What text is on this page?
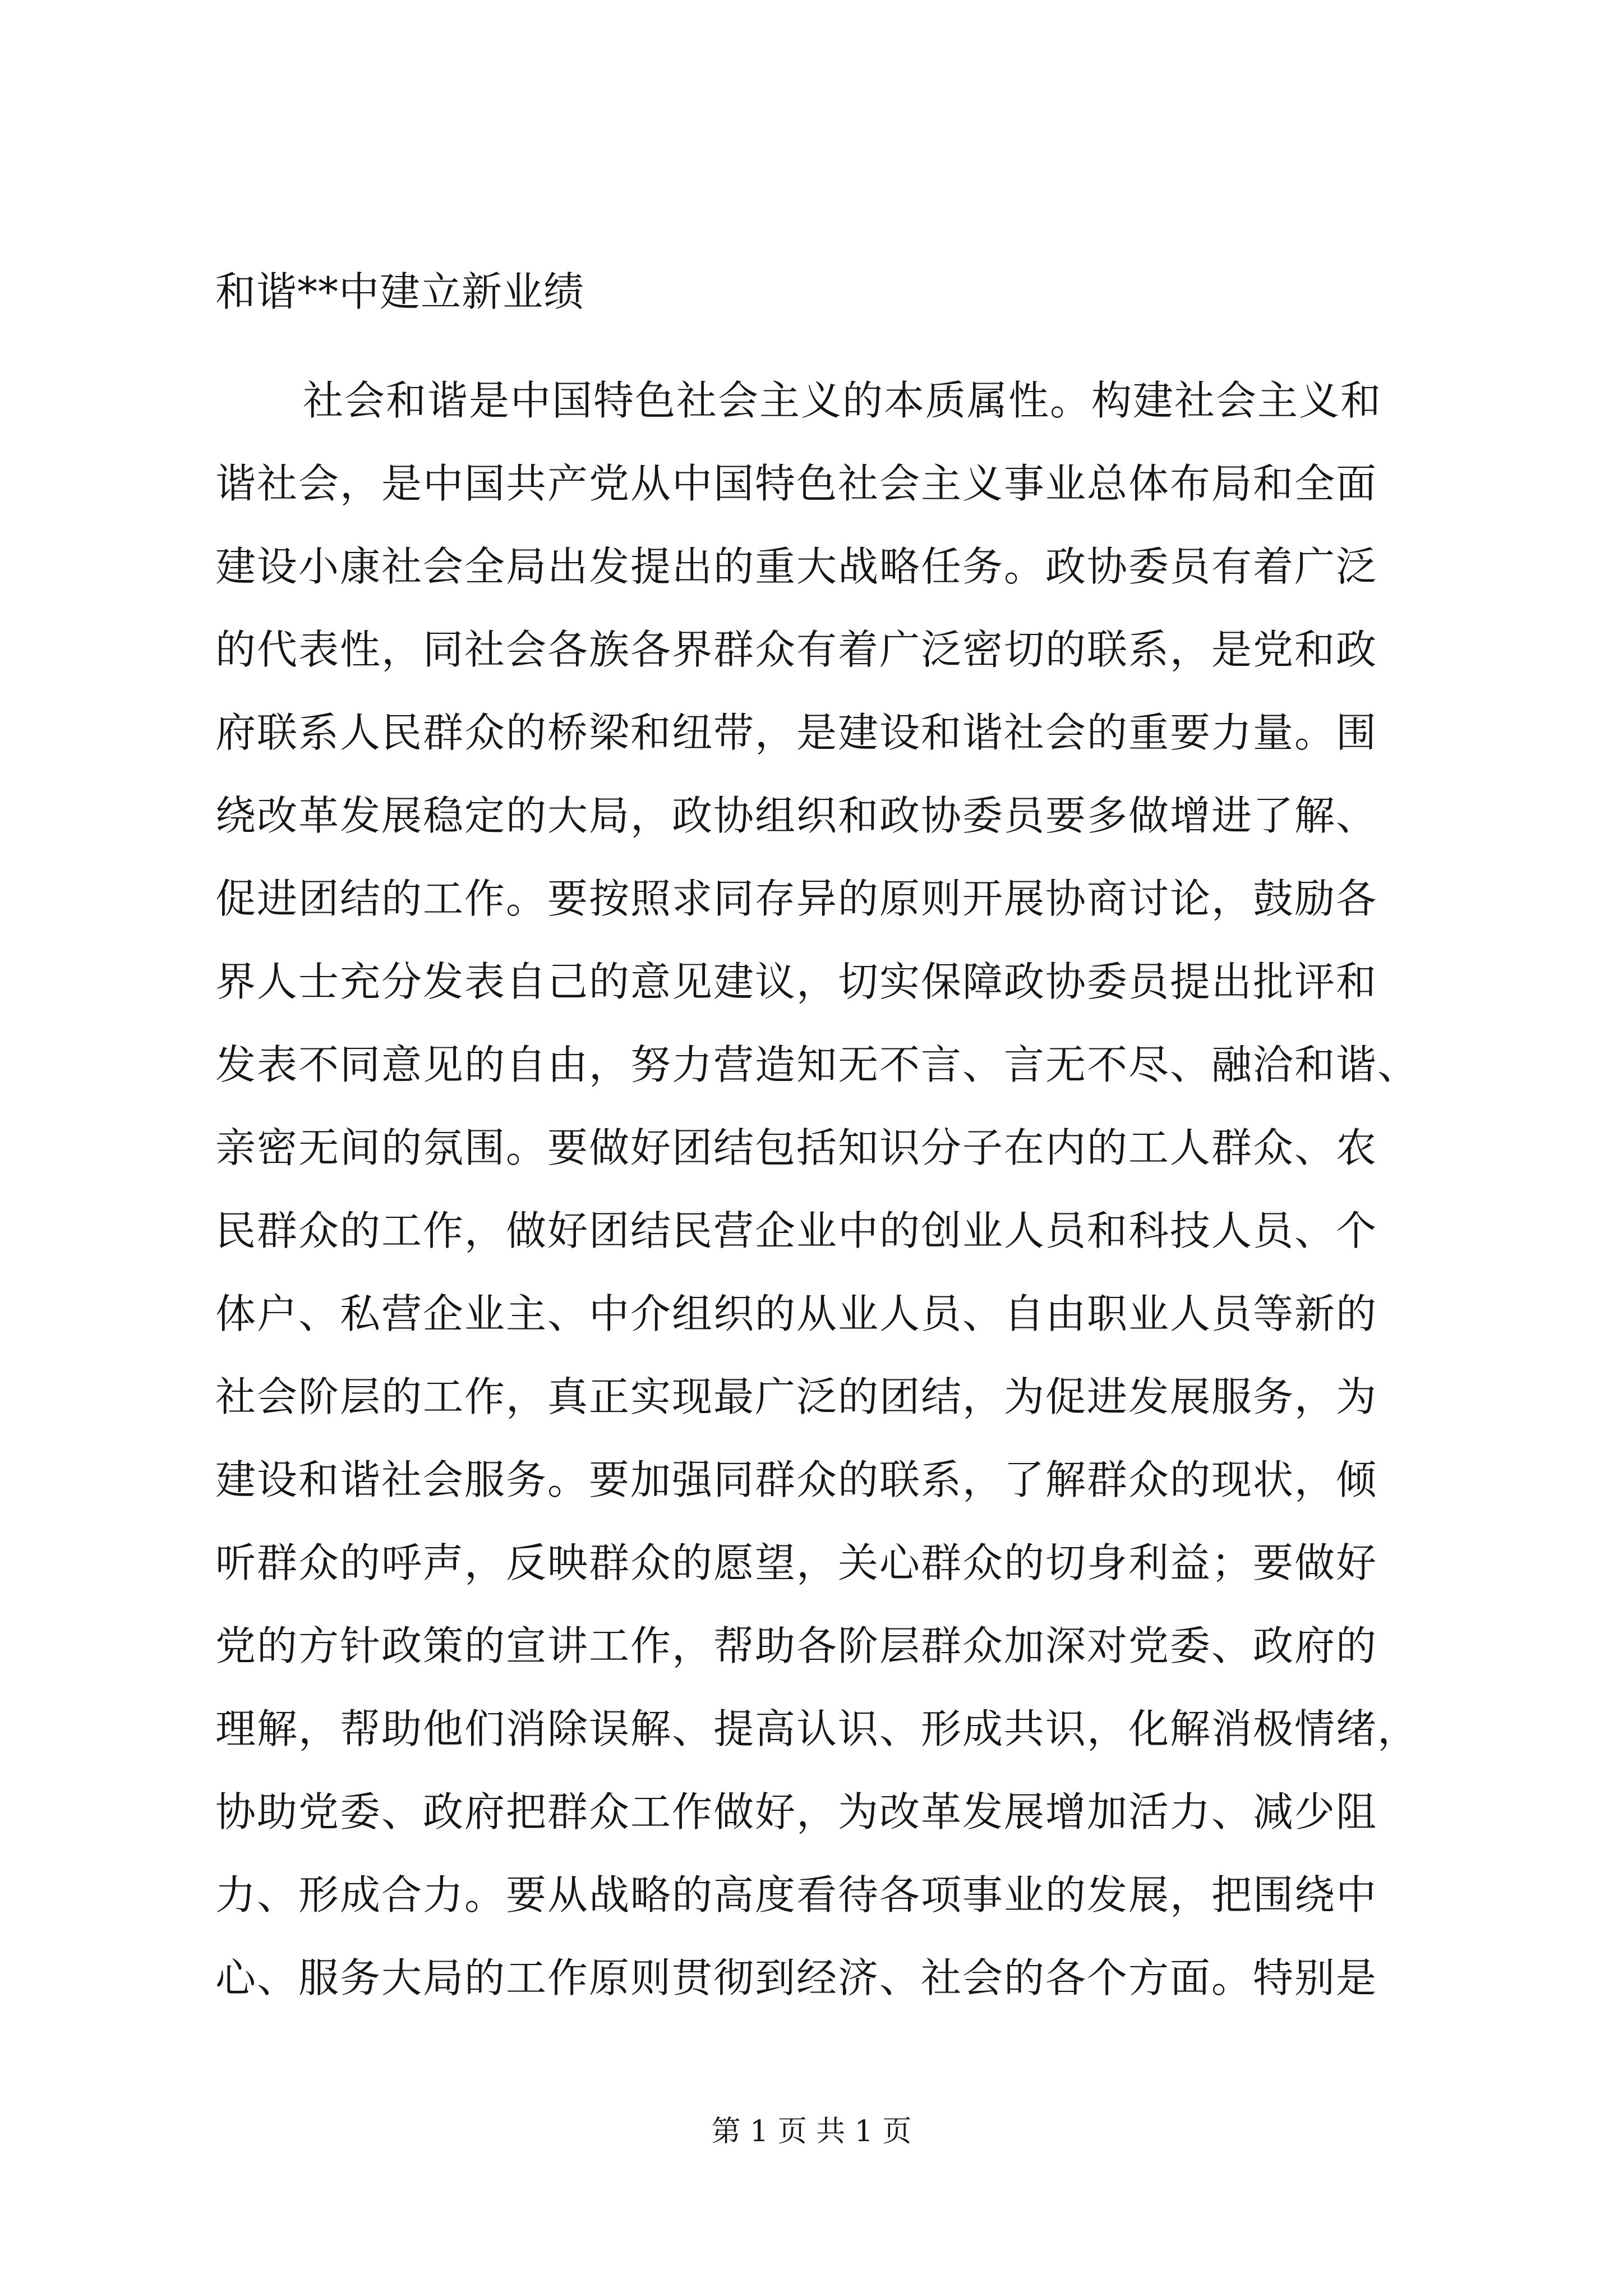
和谐**中建立新业绩
社会和谐是中国特色社会主义的本质属性。构建社会主义和
谐社会，是中国共产党从中国特色社会主义事业总体布局和全面
建设小康社会全局出发提出的重大战略任务。政协委员有着广泛
的代表性，同社会各族各界群众有着广泛密切的联系，是党和政
府联系人民群众的桥梁和纽带，是建设和谐社会的重要力量。围
绕改革发展稳定的大局，政协组织和政协委员要多做增进了解、
促进团结的工作。要按照求同存异的原则开展协商讨论，鼓励各
界人士充分发表自己的意见建议，切实保障政协委员提出批评和
发表不同意见的自由，努力营造知无不言、言无不尽、融洽和谐、
亲密无间的氛围。要做好团结包括知识分子在内的工人群众、农
民群众的工作，做好团结民营企业中的创业人员和科技人员、个
体户、私营企业主、中介组织的从业人员、自由职业人员等新的
社会阶层的工作，真正实现最广泛的团结，为促进发展服务，为
建设和谐社会服务。要加强同群众的联系，了解群众的现状，倾
听群众的呼声，反映群众的愿望，关心群众的切身利益；要做好
党的方针政策的宣讲工作，帮助各阶层群众加深对党委、政府的
理解，帮助他们消除误解、提高认识、形成共识，化解消极情绪，
协助党委、政府把群众工作做好，为改革发展增加活力、减少阻
力、形成合力。要从战略的高度看待各项事业的发展，把围绕中
心、服务大局的工作原则贯彻到经济、社会的各个方面。特别是
第 1 页 共 1 页
